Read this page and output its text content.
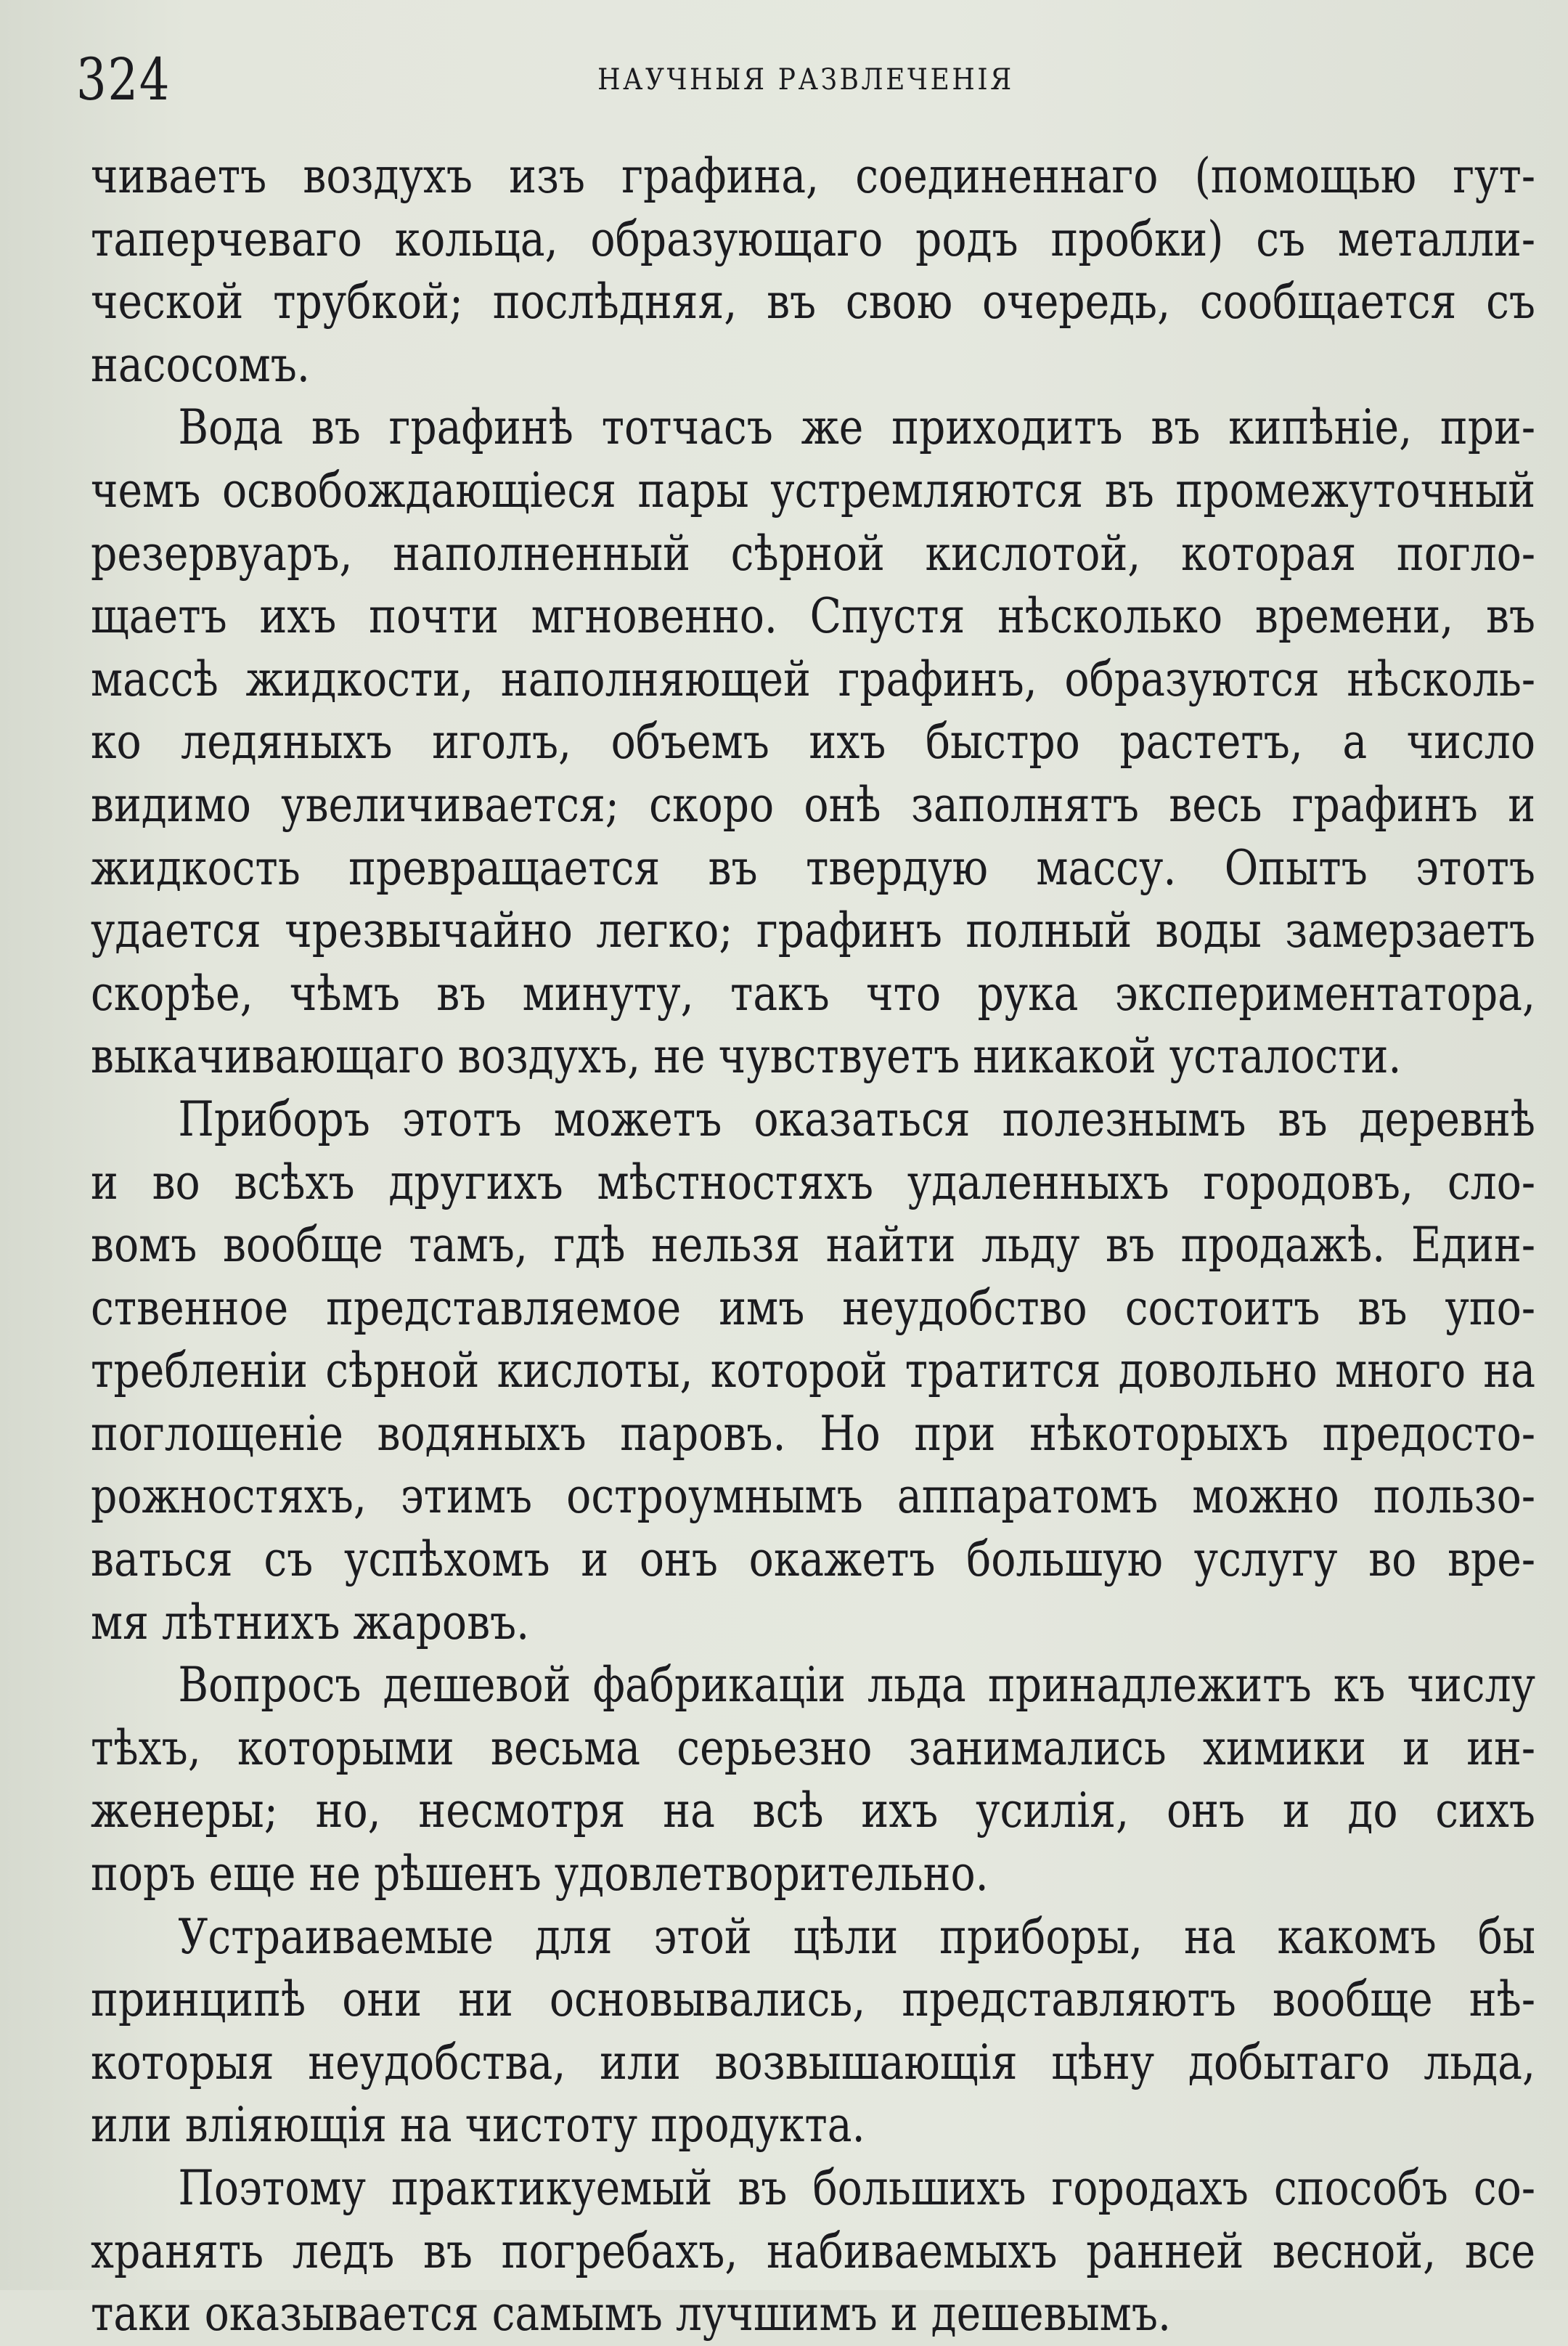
324	НАУЧНЫЯ РАЗВЛЕЧЕНІЯ
чиваетъ воздухъ изъ графина, соединеннаго (помощью гут-
таперчеваго кольца, образующаго родъ пробки) съ металли-
ческой трубкой; послѣдняя, въ свою очередь, сообщается съ
насосомъ.
Вода въ графинѣ тотчасъ же приходитъ въ кипѣніе, при-
чемъ освобождающіеся пары устремляются въ промежуточный
резервуаръ, наполненный сѣрной кислотой, которая погло-
щаетъ ихъ почти мгновенно. Спустя нѣсколько времени, въ
массѣ жидкости, наполняющей графинъ, образуются нѣсколь-
ко ледяныхъ иголъ, объемъ ихъ быстро растетъ, а число
видимо увеличивается; скоро онѣ заполнятъ весь графинъ и
жидкость превращается въ твердую массу. Опытъ этотъ
удается чрезвычайно легко; графинъ полный воды замерзаетъ
скорѣе, чѣмъ въ минуту, такъ что рука экспериментатора,
выкачивающаго воздухъ, не чувствуетъ никакой усталости.
Приборъ этотъ можетъ оказаться полезнымъ въ деревнѣ
и во всѣхъ другихъ мѣстностяхъ удаленныхъ городовъ, сло-
вомъ вообще тамъ, гдѣ нельзя найти льду въ продажѣ. Един-
ственное представляемое имъ неудобство состоитъ въ упо-
требленіи сѣрной кислоты, которой тратится довольно много на
поглощеніе водяныхъ паровъ. Но при нѣкоторыхъ предосто-
рожностяхъ, этимъ остроумнымъ аппаратомъ можно пользо-
ваться съ успѣхомъ и онъ окажетъ большую услугу во вре-
мя лѣтнихъ жаровъ.
Вопросъ дешевой фабрикаціи льда принадлежитъ къ числу
тѣхъ, которыми весьма серьезно занимались химики и ин-
женеры; но, несмотря на всѣ ихъ усилія, онъ и до сихъ
поръ еще не рѣшенъ удовлетворительно.
Устраиваемые для этой цѣли приборы, на какомъ бы
принципѣ они ни основывались, представляютъ вообще нѣ-
которыя неудобства, или возвышающія цѣну добытаго льда,
или вліяющія на чистоту продукта.
Поэтому практикуемый въ большихъ городахъ способъ со-
хранять ледъ въ погребахъ, набиваемыхъ ранней весной, все
таки оказывается самымъ лучшимъ и дешевымъ.
